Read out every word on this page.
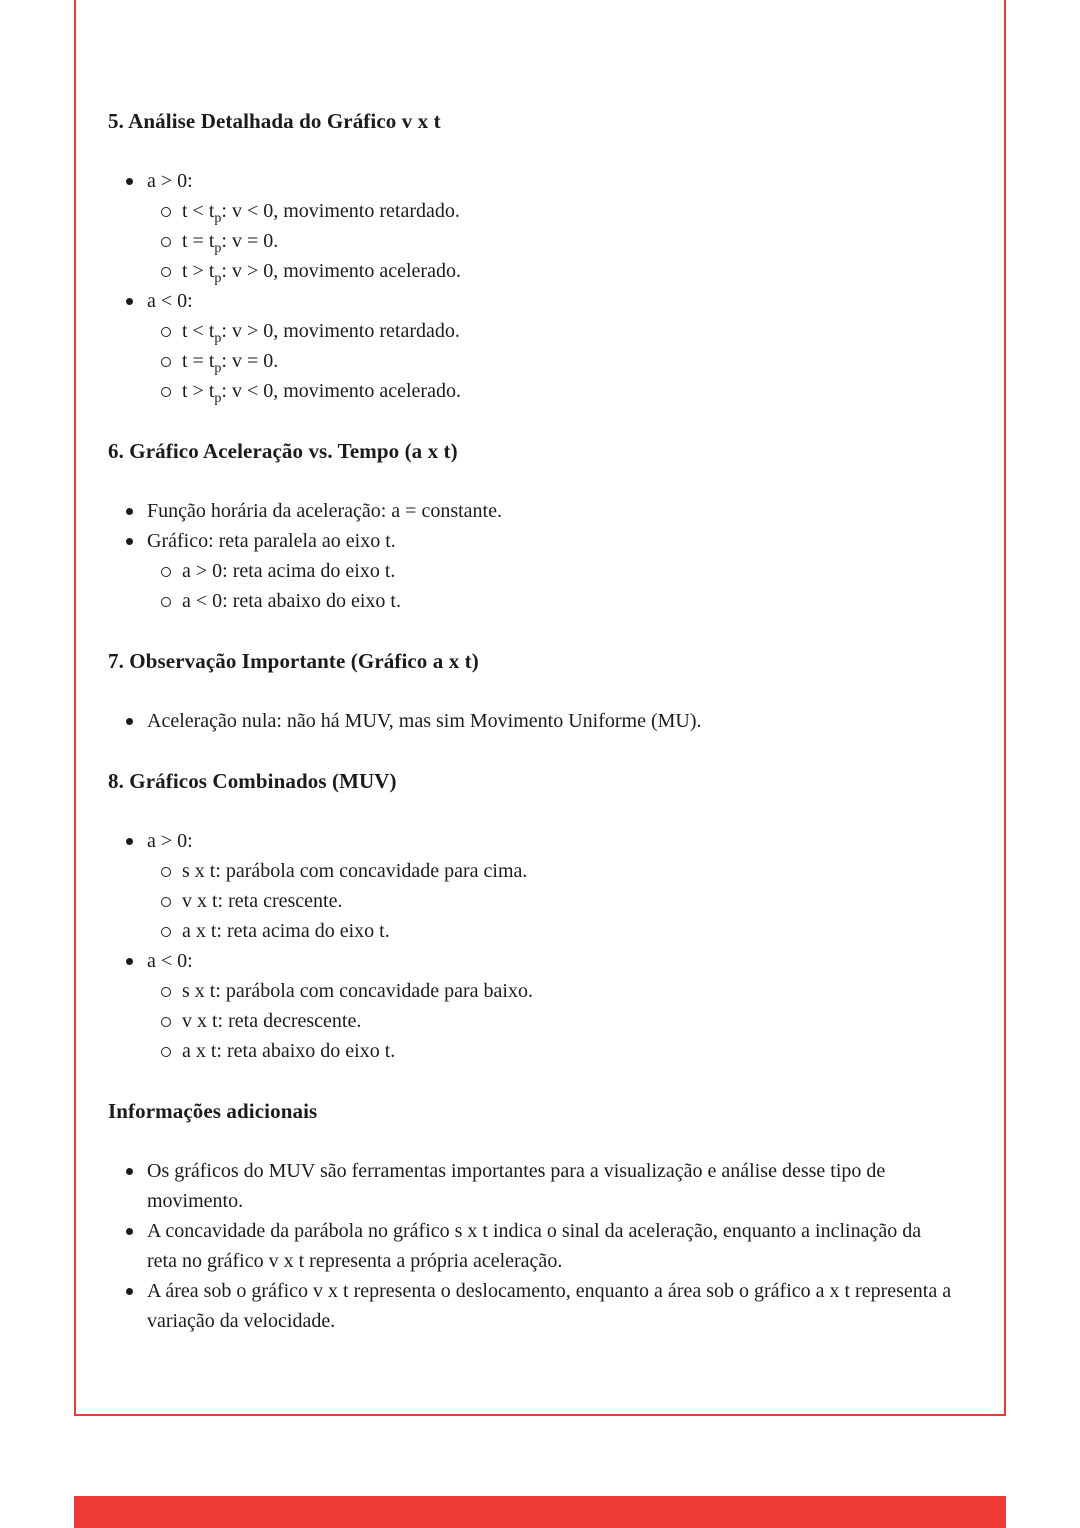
5. Análise Detalhada do Gráfico v x t
a > 0:
$t < t_p$: v < 0, movimento retardado.
$t = t_p$: v = 0.
$t > t_p$: v > 0, movimento acelerado.
a < 0:
$t < t_p$: v > 0, movimento retardado.
$t = t_p$: v = 0.
$t > t_p$: v < 0, movimento acelerado.
6. Gráfico Aceleração vs. Tempo (a x t)
Função horária da aceleração: a = constante.
Gráfico: reta paralela ao eixo t.
a > 0: reta acima do eixo t.
a < 0: reta abaixo do eixo t.
7. Observação Importante (Gráfico a x t)
Aceleração nula: não há MUV, mas sim Movimento Uniforme (MU).
8. Gráficos Combinados (MUV)
a > 0:
s x t: parábola com concavidade para cima.
v x t: reta crescente.
a x t: reta acima do eixo t.
a < 0:
s x t: parábola com concavidade para baixo.
v x t: reta decrescente.
a x t: reta abaixo do eixo t.
Informações adicionais
Os gráficos do MUV são ferramentas importantes para a visualização e análise desse tipo de movimento.
A concavidade da parábola no gráfico s x t indica o sinal da aceleração, enquanto a inclinação da reta no gráfico v x t representa a própria aceleração.
A área sob o gráfico v x t representa o deslocamento, enquanto a área sob o gráfico a x t representa a variação da velocidade.
